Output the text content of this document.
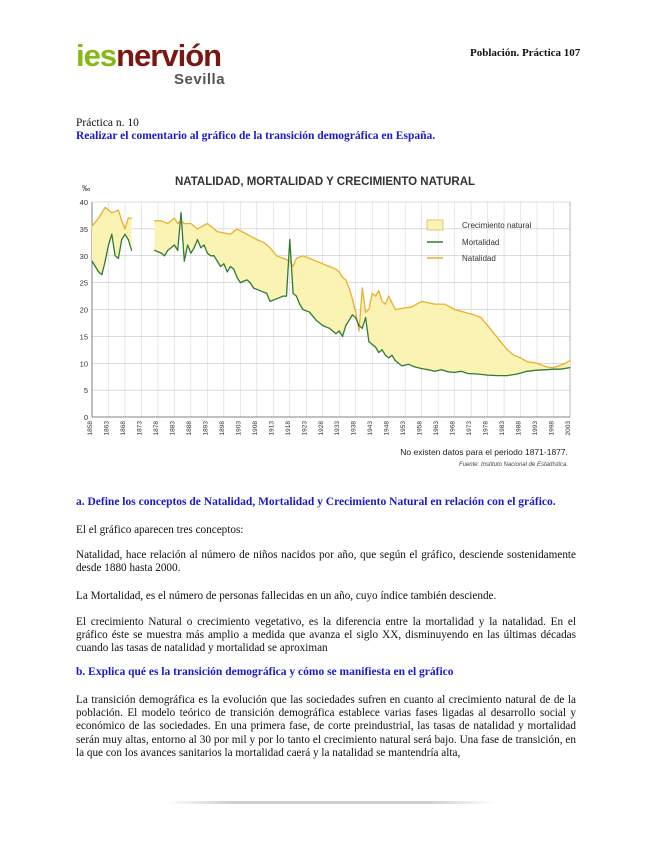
iesnervión
Sevilla
Población. Práctica 107
Práctica n. 10
Realizar el comentario al gráfico de la transición demográfica en España.
NATALIDAD, MORTALIDAD Y CRECIMIENTO NATURAL
‰
0
5
10
15
20
25
30
35
40
1858 1863 1868 1873 1878 1883 1888 1893 1898 1903 1908 1913 1918 1923 1928 1933 1938 1943 1948 1953 1958 1963 1968 1973 1978 1983 1988 1993 1998 2003
Crecimiento natural
Mortalidad
Natalidad
No existen datos para el periodo 1871-1877.
Fuente: Instituto Nacional de Estadística.
a. Define los conceptos de Natalidad, Mortalidad y Crecimiento Natural en relación con el gráfico.
El el gráfico aparecen tres conceptos:
Natalidad, hace relación al número de niños nacidos por año, que según el gráfico, desciende sostenidamente desde 1880 hasta 2000.
La Mortalidad, es el número de personas fallecidas en un año, cuyo índice también desciende.
El crecimiento Natural o crecimiento vegetativo, es la diferencia entre la mortalidad y la natalidad. En el gráfico éste se muestra más amplio a medida que avanza el siglo XX, disminuyendo en las últimas décadas cuando las tasas de natalidad y mortalidad se aproximan
b. Explica qué es la transición demográfica y cómo se manifiesta en el gráfico
La transición demográfica es la evolución que las sociedades sufren en cuanto al crecimiento natural de de la población. El modelo teórico de transición demográfica establece varias fases ligadas al desarrollo social y económico de las sociedades. En una primera fase, de corte preindustrial, las tasas de natalidad y mortalidad serán muy altas, entorno al 30 por mil y por lo tanto el crecimiento natural será bajo. Una fase de transición, en la que con los avances sanitarios la mortalidad caerá y la natalidad se mantendría alta,
